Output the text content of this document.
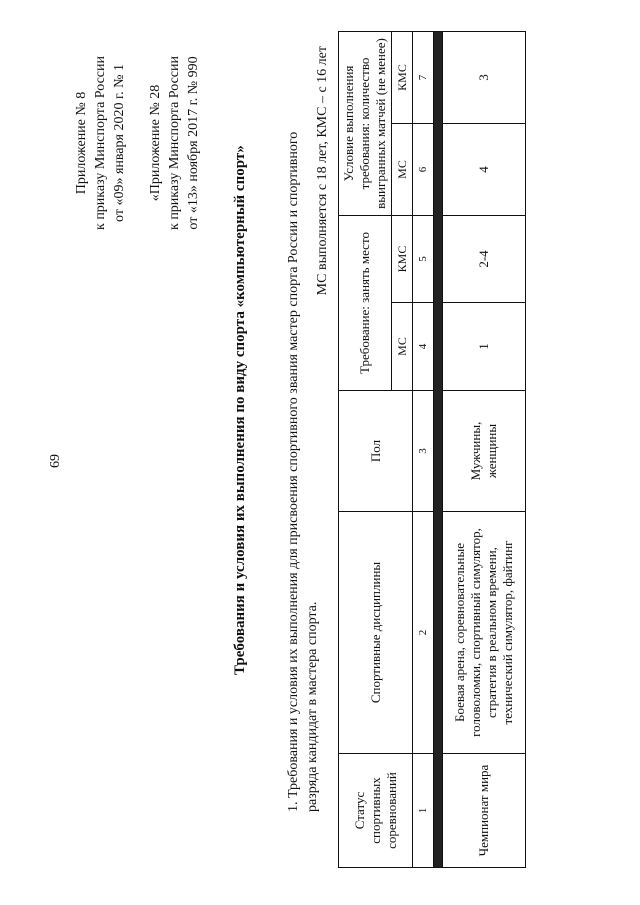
69
Приложение № 8 к приказу Минспорта России от «09» января 2020 г. № 1 «Приложение № 28 к приказу Минспорта России от «13» ноября 2017 г. № 990
Требования и условия их выполнения по виду спорта «компьютерный спорт»	1. Требования и условия их выполнения для присвоения спортивного звания мастер спорта России и спортивного разряда кандидат в мастера спорта.
МС выполняется с 18 лет, КМС – с 16 лет
Статус спортивных соревнований	Спортивные дисциплины	Пол	Требование: занять место		Условие выполнения требования: количество выигранных матчей (не менее)	
			МС	КМС	МС	КМС
1	2	3	4	5	6	7

Чемпионат мира	Боевая арена, соревновательные головоломки, спортивный симулятор, стратегия в реальном времени, технический симулятор, файтинг	Мужчины, женщины	1	2-4	4	3
